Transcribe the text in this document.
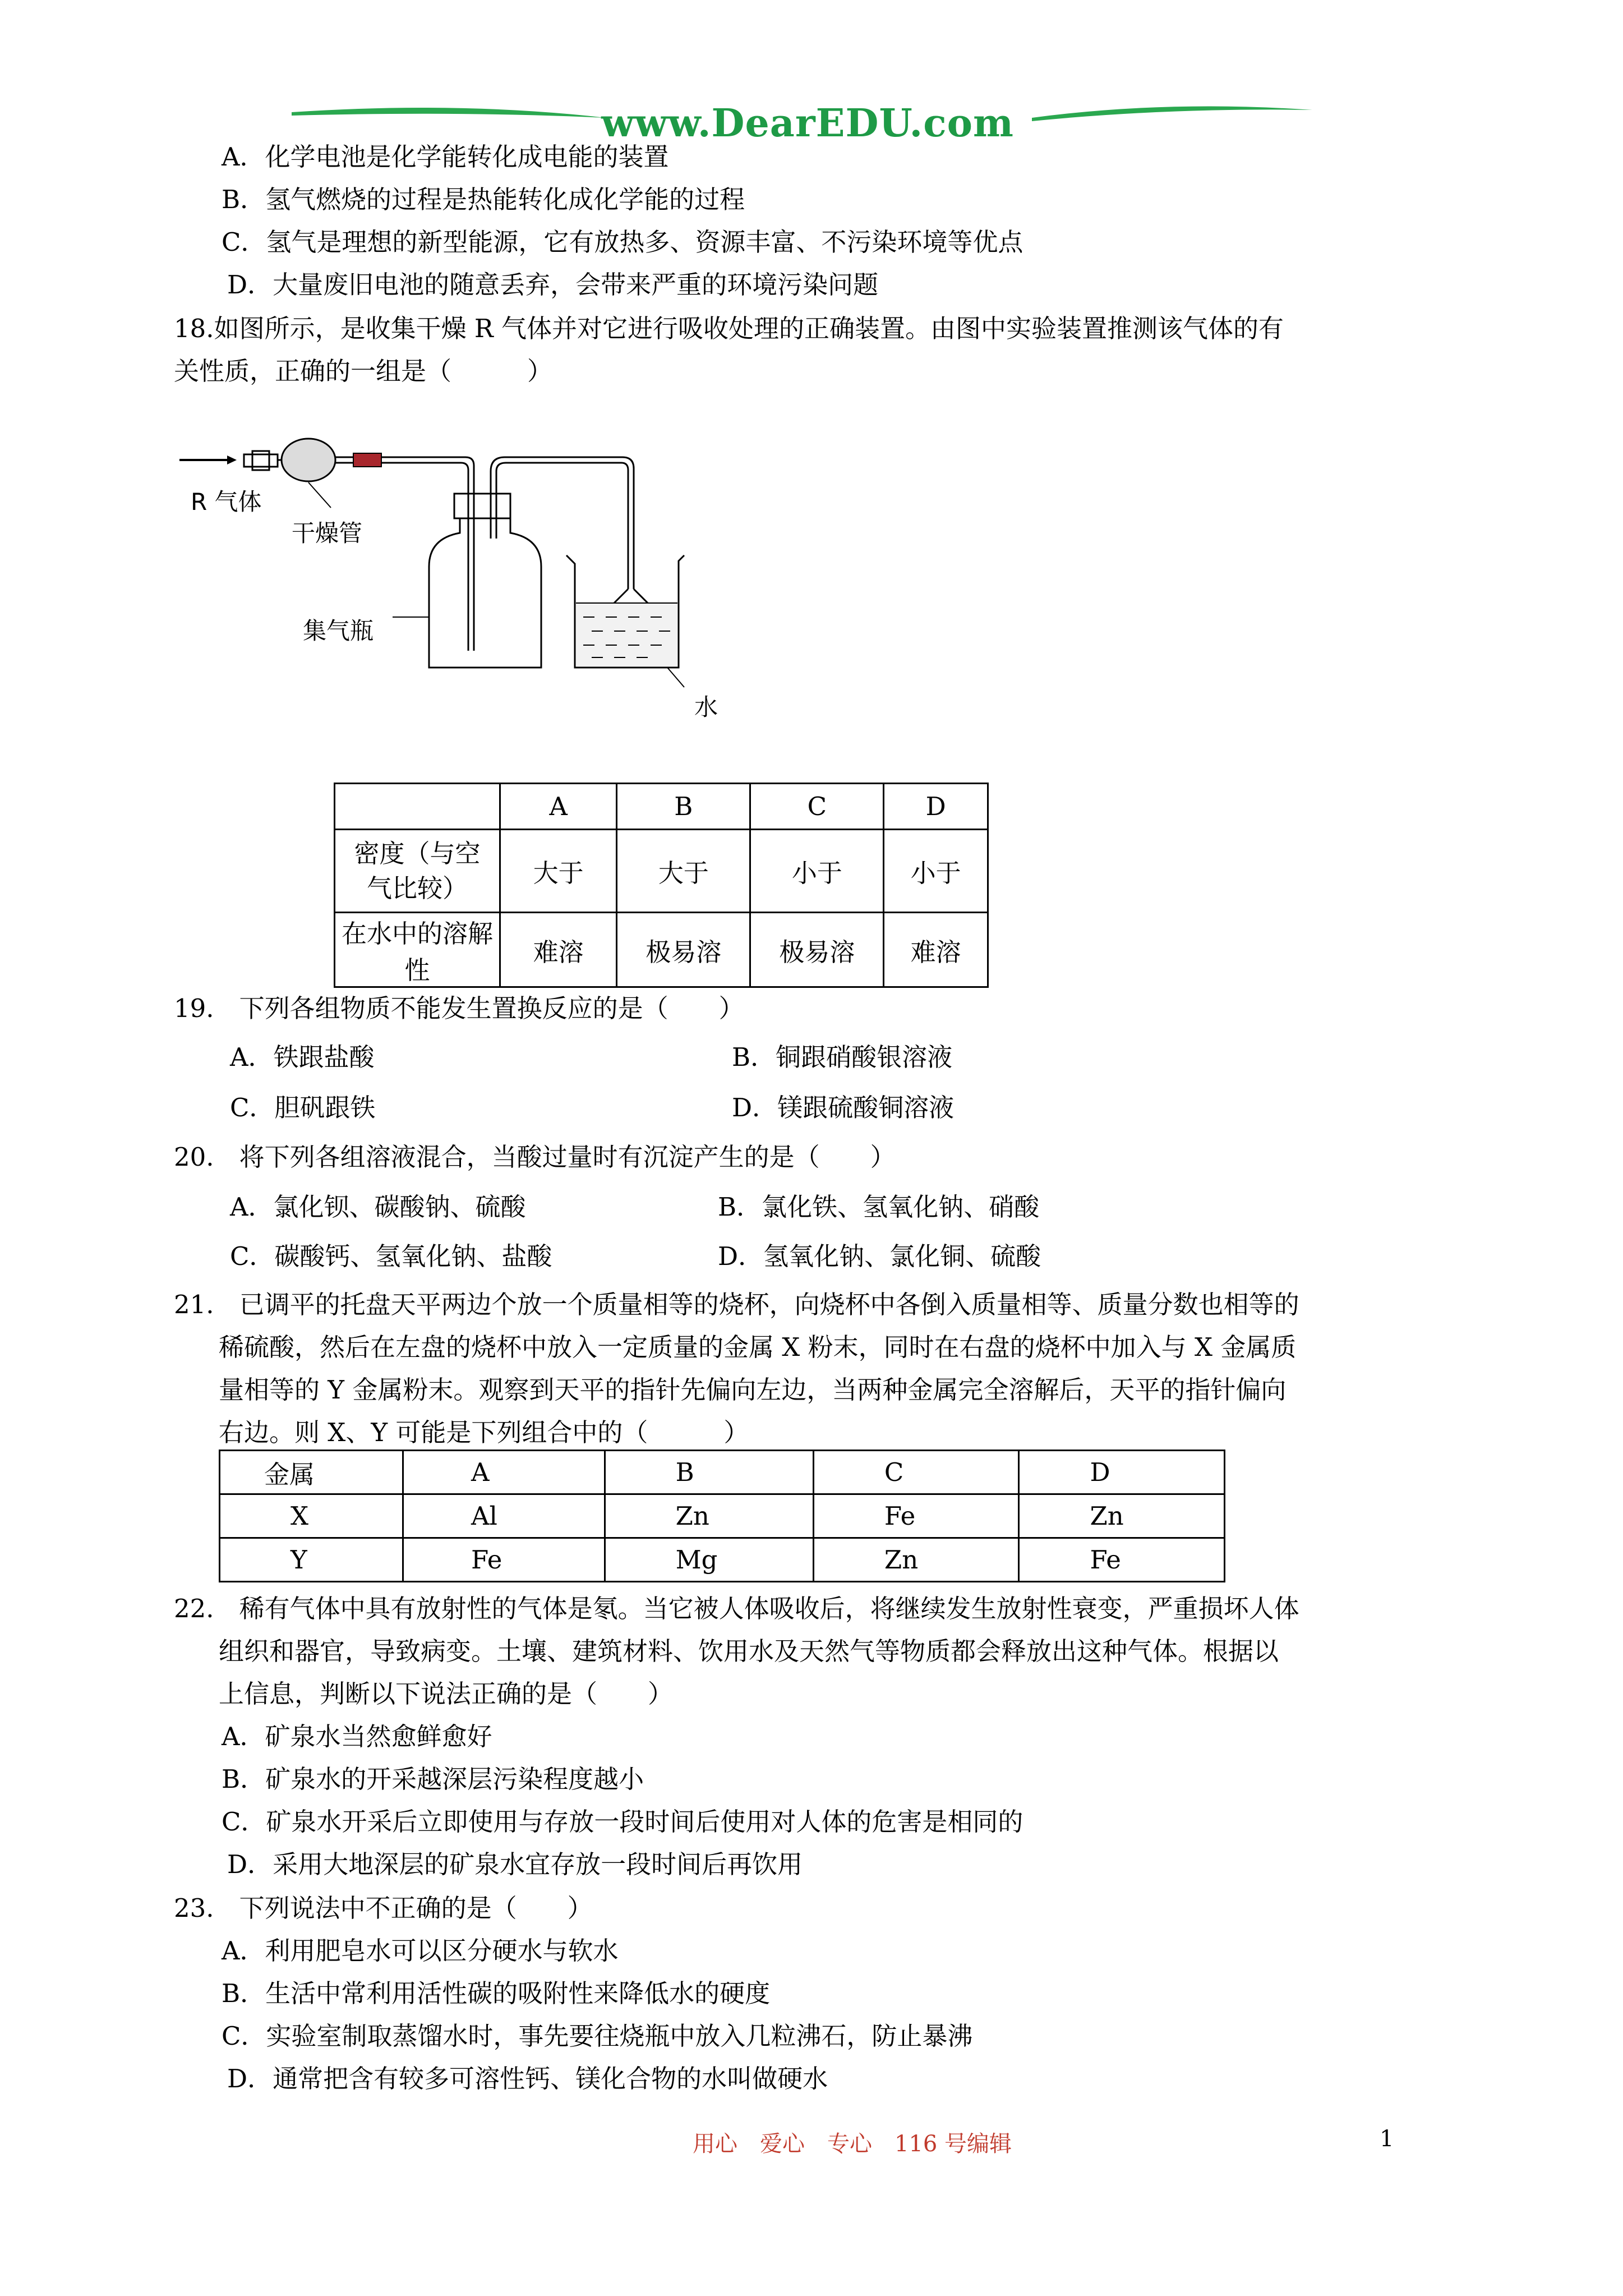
www.DearEDU.com
A．化学电池是化学能转化成电能的装置
B．氢气燃烧的过程是热能转化成化学能的过程
C．氢气是理想的新型能源，它有放热多、资源丰富、不污染环境等优点
D．大量废旧电池的随意丢弃，会带来严重的环境污染问题
18.如图所示，是收集干燥 R 气体并对它进行吸收处理的正确装置。由图中实验装置推测该气体的有
关性质，正确的一组是（　　　）
R 气体
干燥管
集气瓶
水
	A	B	C	D
密度（与空气比较）	大于	大于	小于	小于
在水中的溶解性	难溶	极易溶	极易溶	难溶
19.　下列各组物质不能发生置换反应的是（　　）
A．铁跟盐酸	B．铜跟硝酸银溶液
C．胆矾跟铁	D．镁跟硫酸铜溶液
20.　将下列各组溶液混合，当酸过量时有沉淀产生的是（　　）
A．氯化钡、碳酸钠、硫酸	B．氯化铁、氢氧化钠、硝酸
C．碳酸钙、氢氧化钠、盐酸	D．氢氧化钠、氯化铜、硫酸
21.　已调平的托盘天平两边个放一个质量相等的烧杯，向烧杯中各倒入质量相等、质量分数也相等的
稀硫酸，然后在左盘的烧杯中放入一定质量的金属 X 粉末，同时在右盘的烧杯中加入与 X 金属质
量相等的 Y 金属粉末。观察到天平的指针先偏向左边，当两种金属完全溶解后，天平的指针偏向
右边。则 X、Y 可能是下列组合中的（　　　）
金属	A	B	C	D
X	Al	Zn	Fe	Zn
Y	Fe	Mg	Zn	Fe
22.　稀有气体中具有放射性的气体是氡。当它被人体吸收后，将继续发生放射性衰变，严重损坏人体
组织和器官，导致病变。土壤、建筑材料、饮用水及天然气等物质都会释放出这种气体。根据以
上信息，判断以下说法正确的是（　　）
A．矿泉水当然愈鲜愈好
B．矿泉水的开采越深层污染程度越小
C．矿泉水开采后立即使用与存放一段时间后使用对人体的危害是相同的
D．采用大地深层的矿泉水宜存放一段时间后再饮用
23.　下列说法中不正确的是（　　）
A．利用肥皂水可以区分硬水与软水
B．生活中常利用活性碳的吸附性来降低水的硬度
C．实验室制取蒸馏水时，事先要往烧瓶中放入几粒沸石，防止暴沸
D．通常把含有较多可溶性钙、镁化合物的水叫做硬水
用心　爱心　专心　116 号编辑	1
